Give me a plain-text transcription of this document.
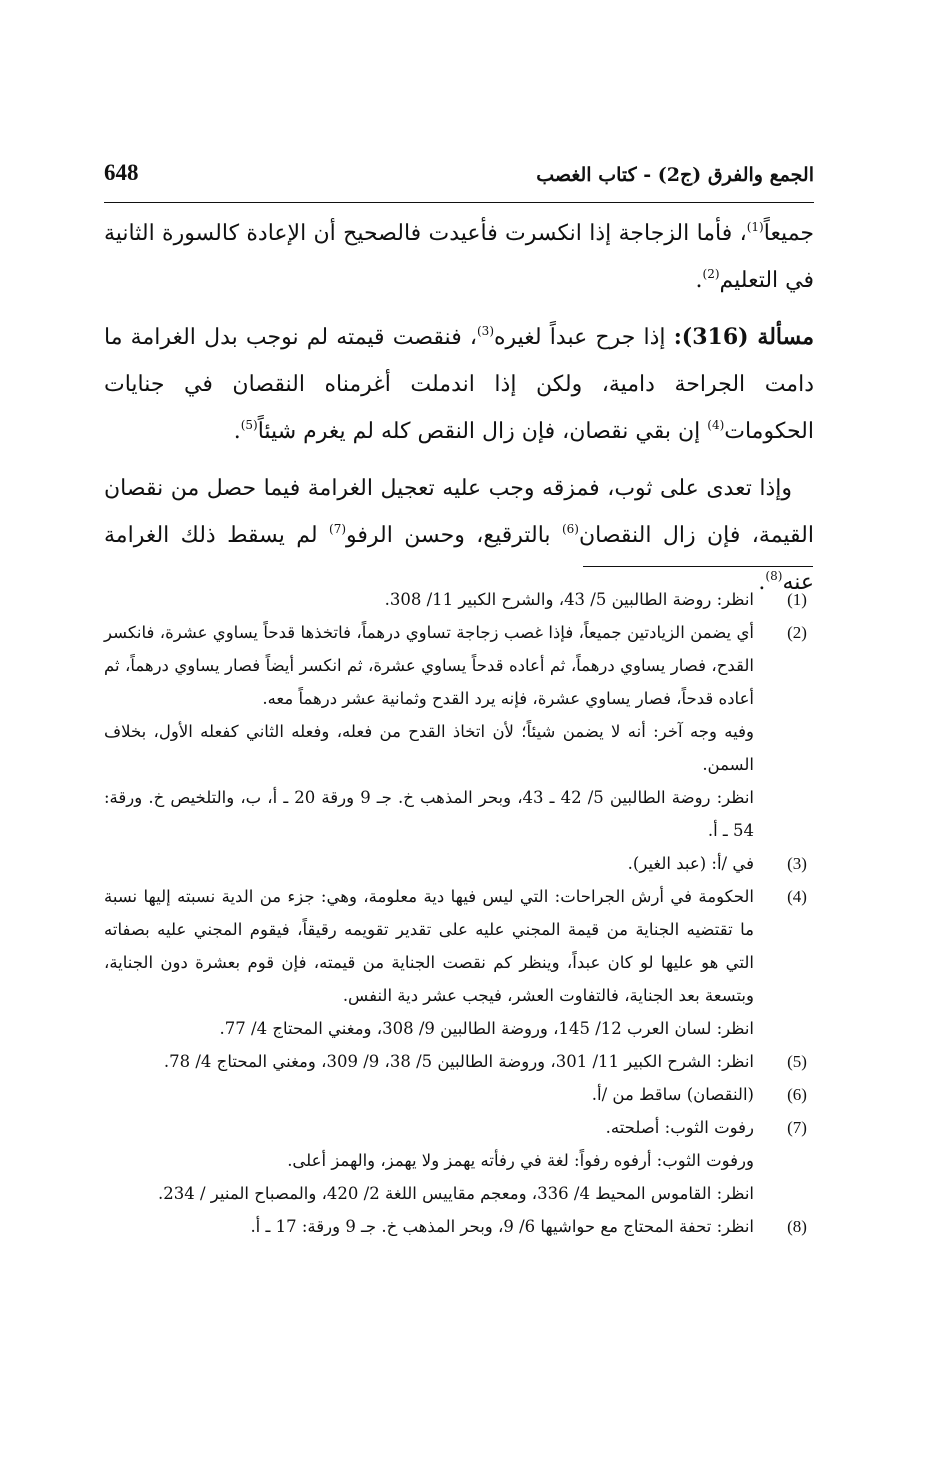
648	الجمع والفرق (ج2) - كتاب الغصب

جميعاً$^{(1)}$، فأما الزجاجة إذا انكسرت فأعيدت فالصحيح أن الإعادة كالسورة الثانية في التعليم$^{(2)}$.

مسألة (316): إذا جرح عبداً لغيره$^{(3)}$، فنقصت قيمته لم نوجب بدل الغرامة ما دامت الجراحة دامية، ولكن إذا اندملت أغرمناه النقصان في جنايات الحكومات$^{(4)}$ إن بقي نقصان، فإن زال النقص كله لم يغرم شيئاً$^{(5)}$.

وإذا تعدى على ثوب، فمزقه وجب عليه تعجيل الغرامة فيما حصل من نقصان القيمة، فإن زال النقصان$^{(6)}$ بالترقيع، وحسن الرفو$^{(7)}$ لم يسقط ذلك الغرامة عنه$^{(8)}$.

(1)

انظر: روضة الطالبين 5/ 43، والشرح الكبير 11/ 308.

(2)

أي يضمن الزيادتين جميعاً، فإذا غصب زجاجة تساوي درهماً، فاتخذها قدحاً يساوي عشرة، فانكسر القدح، فصار يساوي درهماً، ثم أعاده قدحاً يساوي عشرة، ثم انكسر أيضاً فصار يساوي درهماً، ثم أعاده قدحاً، فصار يساوي عشرة، فإنه يرد القدح وثمانية عشر درهماً معه.

وفيه وجه آخر: أنه لا يضمن شيئاً؛ لأن اتخاذ القدح من فعله، وفعله الثاني كفعله الأول، بخلاف السمن.

انظر: روضة الطالبين 5/ 42 ـ 43، وبحر المذهب خ. جـ 9 ورقة 20 ـ أ، ب، والتلخيص خ. ورقة: 54 ـ أ.

(3)

في /أ: (عبد الغير).

(4)

الحكومة في أرش الجراحات: التي ليس فيها دية معلومة، وهي: جزء من الدية نسبته إليها نسبة ما تقتضيه الجناية من قيمة المجني عليه على تقدير تقويمه رقيقاً، فيقوم المجني عليه بصفاته التي هو عليها لو كان عبداً، وينظر كم نقصت الجناية من قيمته، فإن قوم بعشرة دون الجناية، وبتسعة بعد الجناية، فالتفاوت العشر، فيجب عشر دية النفس.

انظر: لسان العرب 12/ 145، وروضة الطالبين 9/ 308، ومغني المحتاج 4/ 77.

(5)

انظر: الشرح الكبير 11/ 301، وروضة الطالبين 5/ 38، 9/ 309، ومغني المحتاج 4/ 78.

(6)

(النقصان) ساقط من /أ.

(7)

رفوت الثوب: أصلحته.

ورفوت الثوب: أرفوه رفواً: لغة في رفأته يهمز ولا يهمز، والهمز أعلى.

انظر: القاموس المحيط 4/ 336، ومعجم مقاييس اللغة 2/ 420، والمصباح المنير / 234.

(8)

انظر: تحفة المحتاج مع حواشيها 6/ 9، وبحر المذهب خ. جـ 9 ورقة: 17 ـ أ.
